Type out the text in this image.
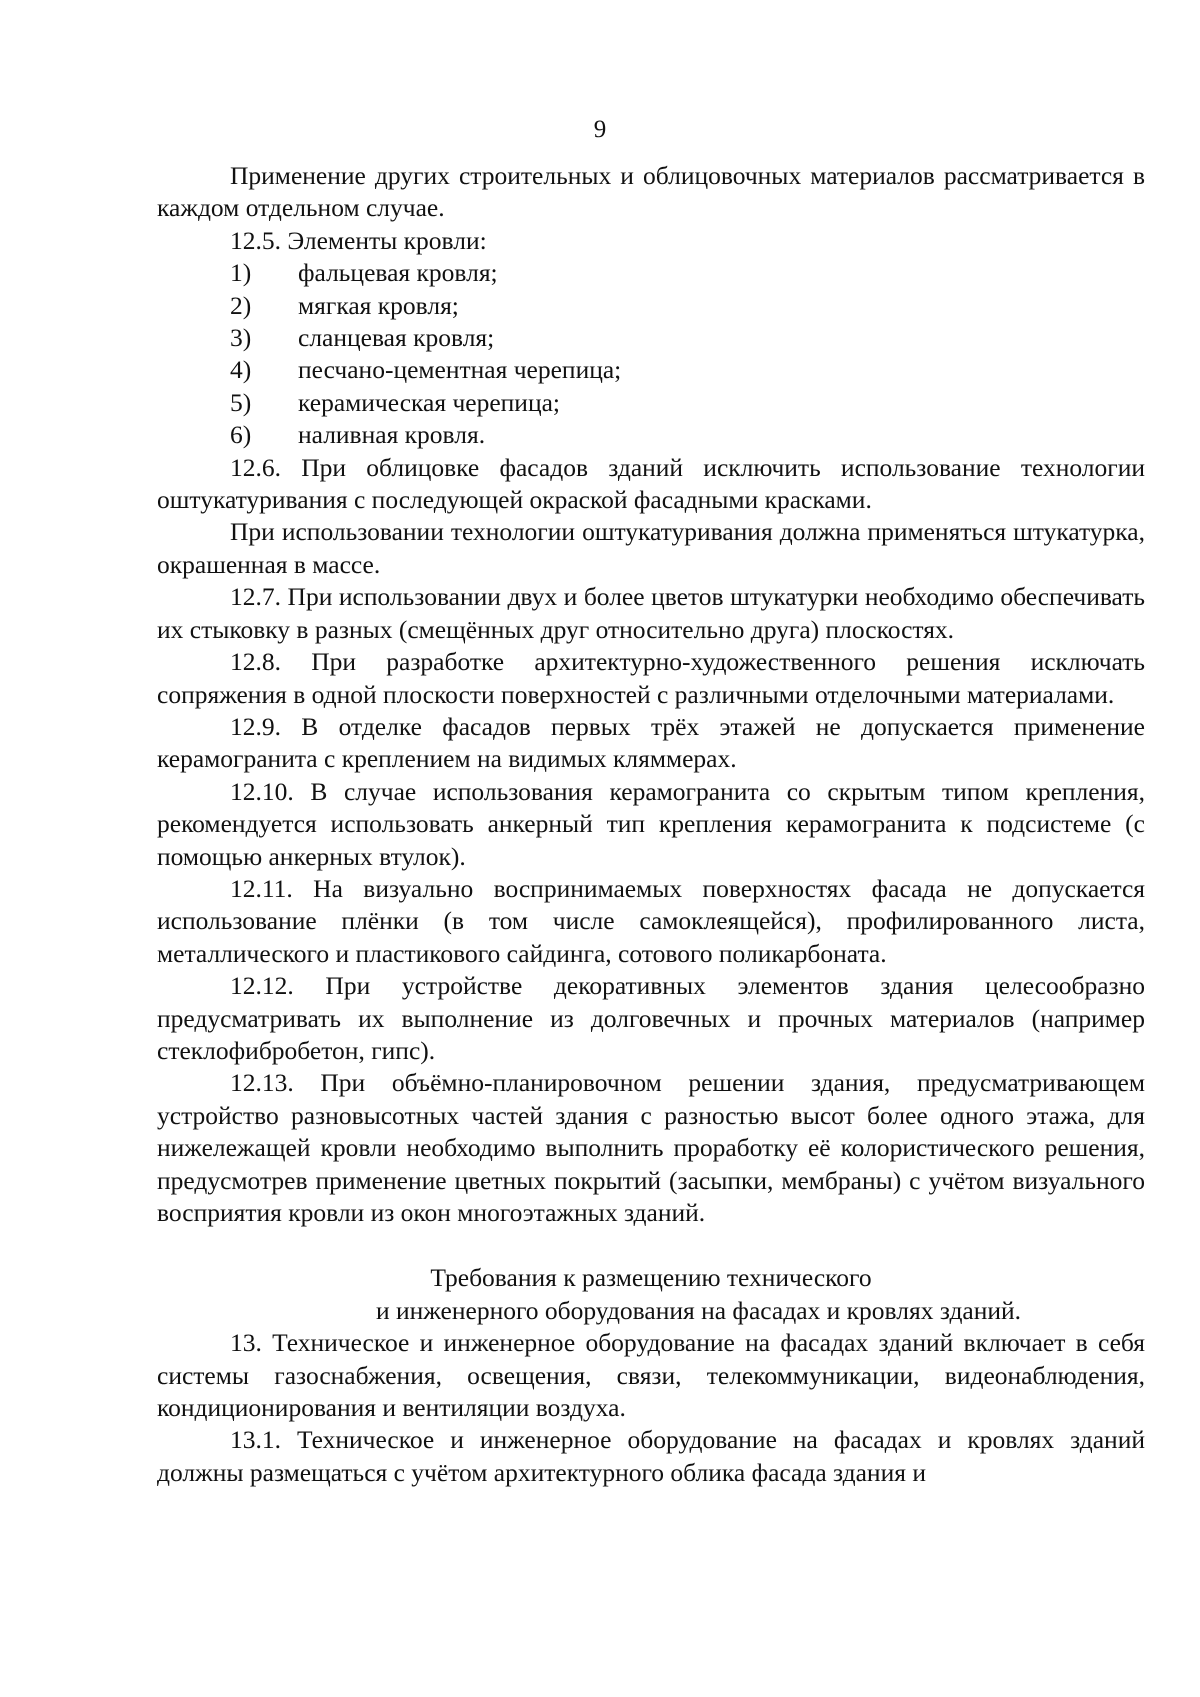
9

Применение других строительных и облицовочных материалов рассматривается в каждом отдельном случае.

12.5. Элементы кровли:

1) фальцевая кровля;

2) мягкая кровля;

3) сланцевая кровля;

4) песчано-цементная черепица;

5) керамическая черепица;

6) наливная кровля.

12.6. При облицовке фасадов зданий исключить использование технологии оштукатуривания с последующей окраской фасадными красками.

При использовании технологии оштукатуривания должна применяться штукатурка, окрашенная в массе.

12.7. При использовании двух и более цветов штукатурки необходимо обеспечивать их стыковку в разных (смещённых друг относительно друга) плоскостях.

12.8. При разработке архитектурно-художественного решения исключать сопряжения в одной плоскости поверхностей с различными отделочными материалами.

12.9. В отделке фасадов первых трёх этажей не допускается применение керамогранита с креплением на видимых кляммерах.

12.10. В случае использования керамогранита со скрытым типом крепления, рекомендуется использовать анкерный тип крепления керамогранита к подсистеме (с помощью анкерных втулок).

12.11. На визуально воспринимаемых поверхностях фасада не допускается использование плёнки (в том числе самоклеящейся), профилированного листа, металлического и пластикового сайдинга, сотового поликарбоната.

12.12. При устройстве декоративных элементов здания целесообразно предусматривать их выполнение из долговечных и прочных материалов (например стеклофибробетон, гипс).

12.13. При объёмно-планировочном решении здания, предусматривающем устройство разновысотных частей здания с разностью высот более одного этажа, для нижележащей кровли необходимо выполнить проработку её колористического решения, предусмотрев применение цветных покрытий (засыпки, мембраны) с учётом визуального восприятия кровли из окон многоэтажных зданий.

Требования к размещению технического

и инженерного оборудования на фасадах и кровлях зданий.

13. Техническое и инженерное оборудование на фасадах зданий включает в себя системы газоснабжения, освещения, связи, телекоммуникации, видеонаблюдения, кондиционирования и вентиляции воздуха.

13.1. Техническое и инженерное оборудование на фасадах и кровлях зданий должны размещаться с учётом архитектурного облика фасада здания и
